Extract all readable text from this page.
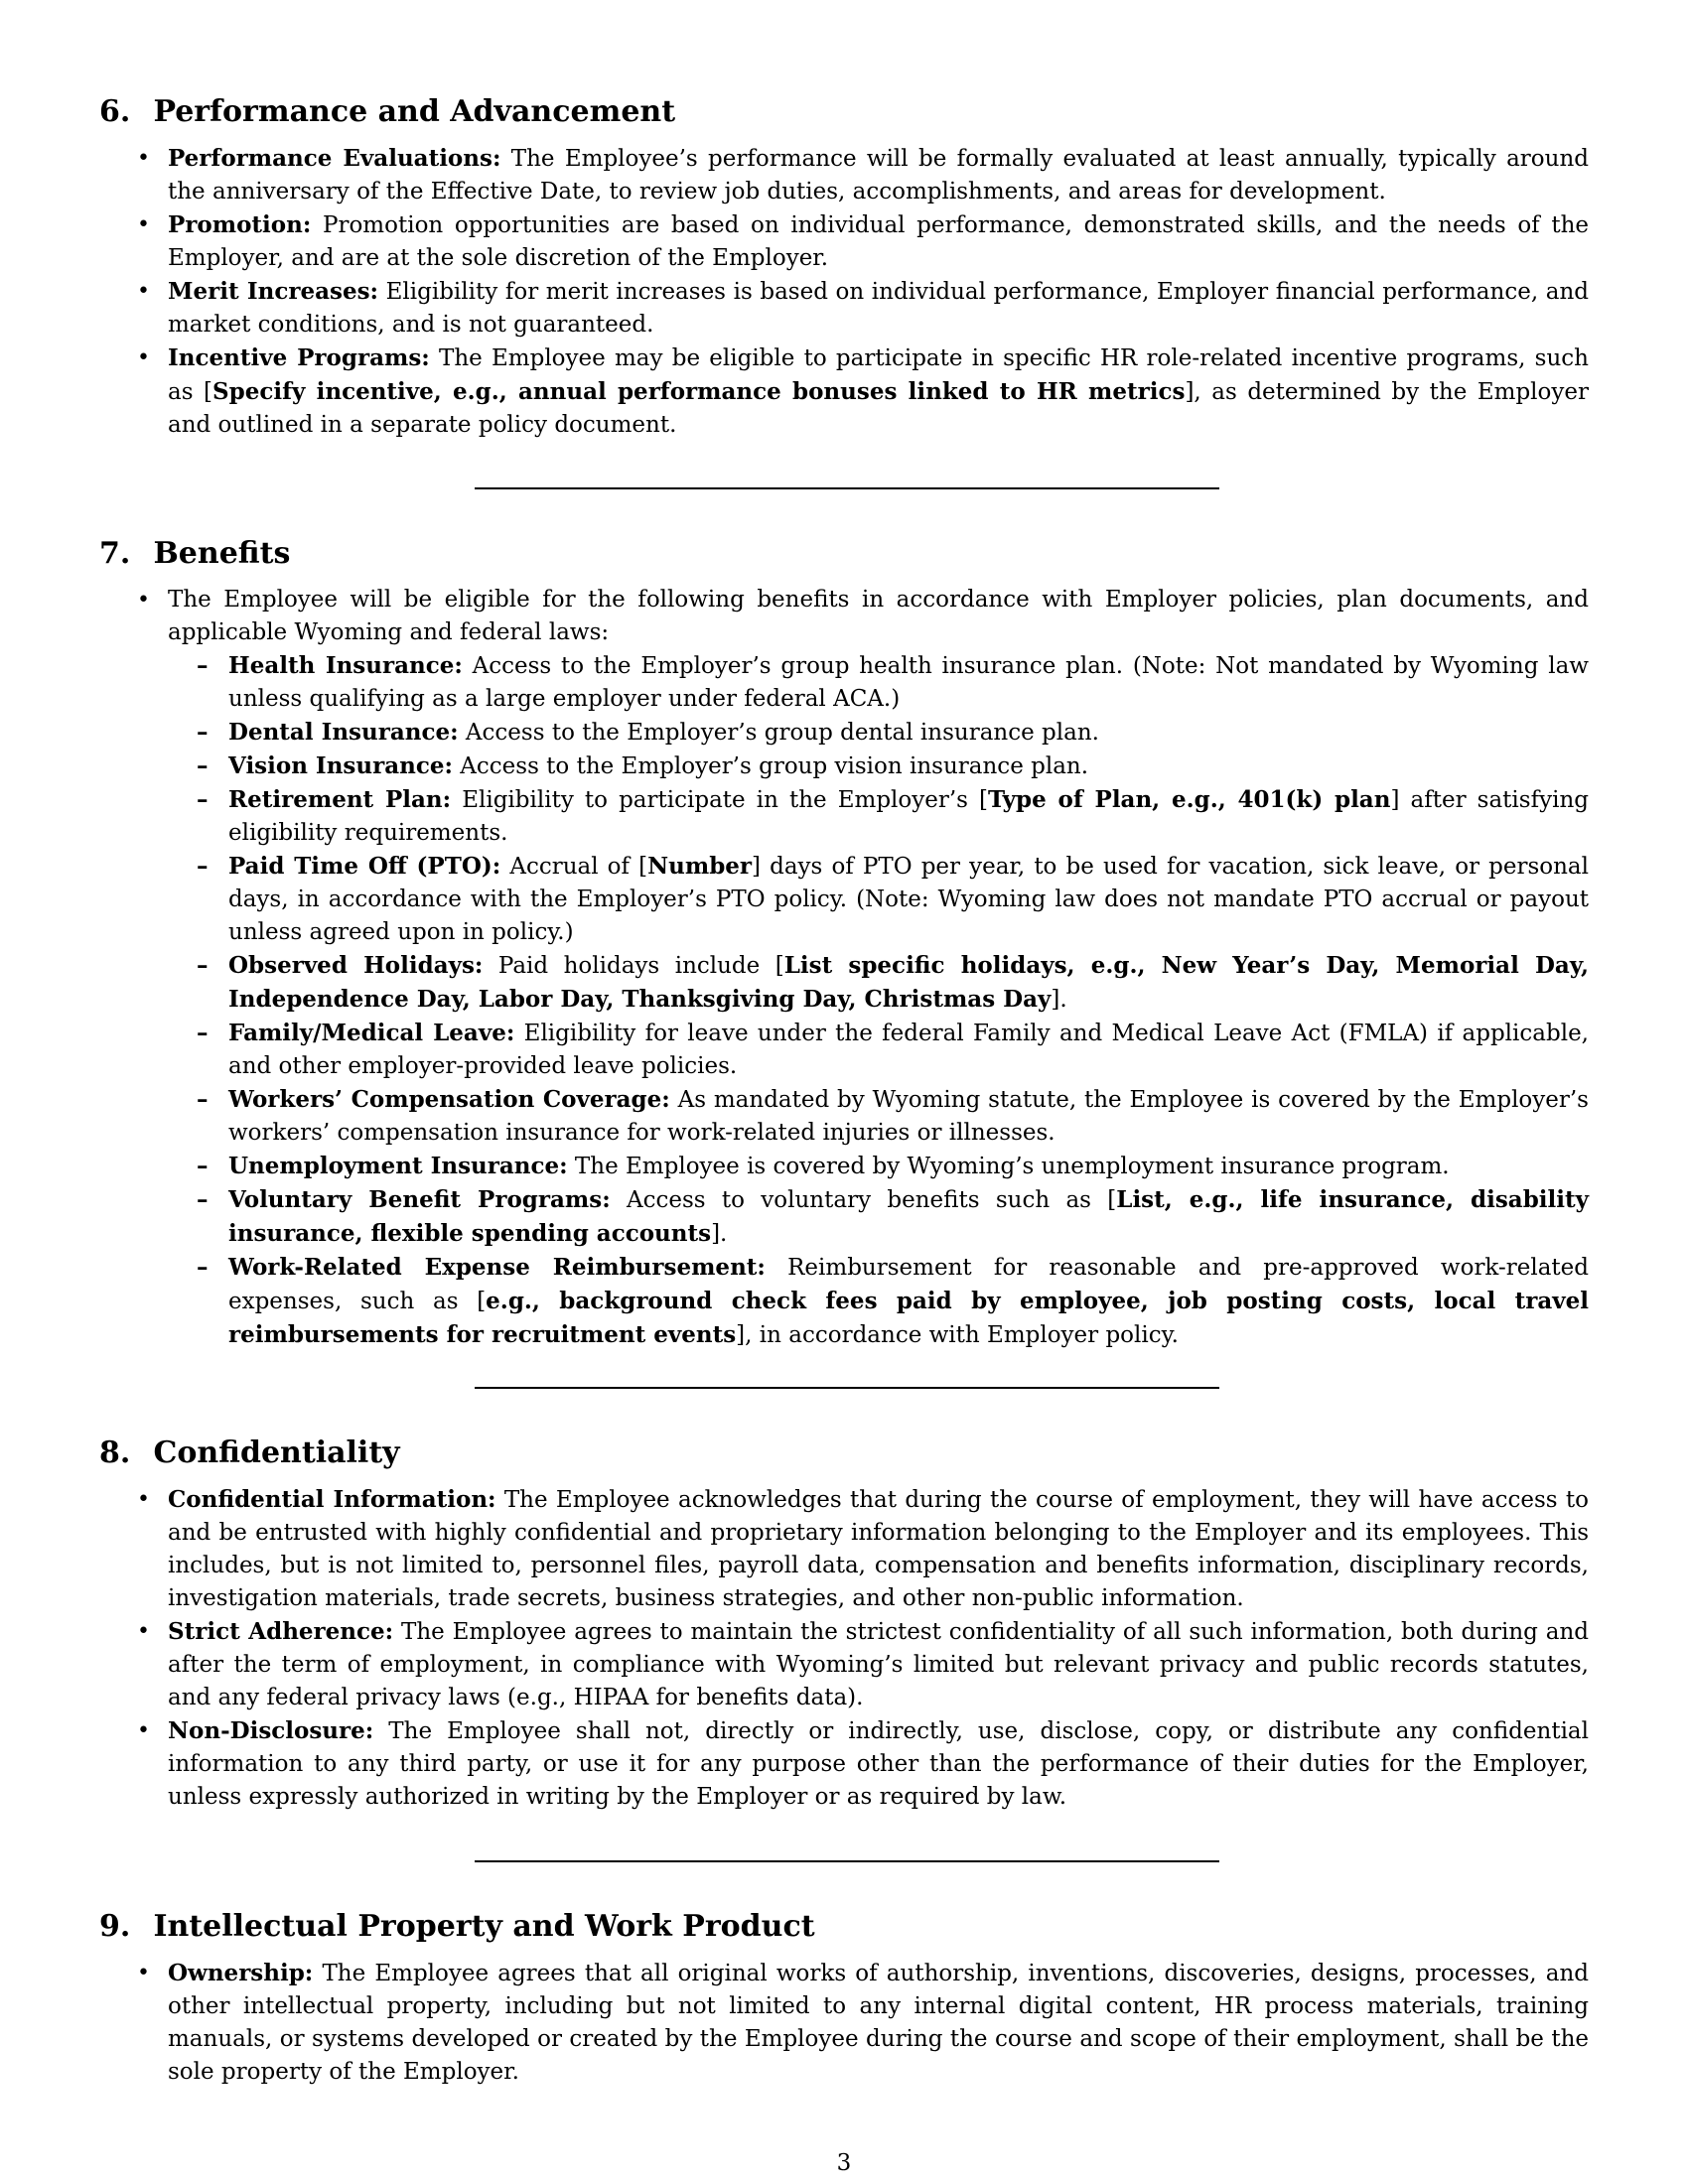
6. Performance and Advancement
• Performance Evaluations: The Employee’s performance will be formally evaluated at least annually, typically around the anniversary of the Effective Date, to review job duties, accomplishments, and areas for development.
• Promotion: Promotion opportunities are based on individual performance, demonstrated skills, and the needs of the Employer, and are at the sole discretion of the Employer.
• Merit Increases: Eligibility for merit increases is based on individual performance, Employer financial performance, and market conditions, and is not guaranteed.
• Incentive Programs: The Employee may be eligible to participate in specific HR role-related incentive programs, such as [Specify incentive, e.g., annual performance bonuses linked to HR metrics], as determined by the Employer and outlined in a separate policy document.
7. Benefits
• The Employee will be eligible for the following benefits in accordance with Employer policies, plan documents, and applicable Wyoming and federal laws:
– Health Insurance: Access to the Employer’s group health insurance plan. (Note: Not mandated by Wyoming law unless qualifying as a large employer under federal ACA.)
– Dental Insurance: Access to the Employer’s group dental insurance plan.
– Vision Insurance: Access to the Employer’s group vision insurance plan.
– Retirement Plan: Eligibility to participate in the Employer’s [Type of Plan, e.g., 401(k) plan] after satisfying eligibility requirements.
– Paid Time Off (PTO): Accrual of [Number] days of PTO per year, to be used for vacation, sick leave, or personal days, in accordance with the Employer’s PTO policy. (Note: Wyoming law does not mandate PTO accrual or payout unless agreed upon in policy.)
– Observed Holidays: Paid holidays include [List specific holidays, e.g., New Year’s Day, Memorial Day, Independence Day, Labor Day, Thanksgiving Day, Christmas Day].
– Family/Medical Leave: Eligibility for leave under the federal Family and Medical Leave Act (FMLA) if applicable, and other employer-provided leave policies.
– Workers’ Compensation Coverage: As mandated by Wyoming statute, the Employee is covered by the Employer’s workers’ compensation insurance for work-related injuries or illnesses.
– Unemployment Insurance: The Employee is covered by Wyoming’s unemployment insurance program.
– Voluntary Benefit Programs: Access to voluntary benefits such as [List, e.g., life insurance, disability insurance, flexible spending accounts].
– Work-Related Expense Reimbursement: Reimbursement for reasonable and pre-approved work-related expenses, such as [e.g., background check fees paid by employee, job posting costs, local travel reimbursements for recruitment events], in accordance with Employer policy.
8. Confidentiality
• Confidential Information: The Employee acknowledges that during the course of employment, they will have access to and be entrusted with highly confidential and proprietary information belonging to the Employer and its employees. This includes, but is not limited to, personnel files, payroll data, compensation and benefits information, disciplinary records, investigation materials, trade secrets, business strategies, and other non-public information.
• Strict Adherence: The Employee agrees to maintain the strictest confidentiality of all such information, both during and after the term of employment, in compliance with Wyoming’s limited but relevant privacy and public records statutes, and any federal privacy laws (e.g., HIPAA for benefits data).
• Non-Disclosure: The Employee shall not, directly or indirectly, use, disclose, copy, or distribute any confidential information to any third party, or use it for any purpose other than the performance of their duties for the Employer, unless expressly authorized in writing by the Employer or as required by law.
9. Intellectual Property and Work Product
• Ownership: The Employee agrees that all original works of authorship, inventions, discoveries, designs, processes, and other intellectual property, including but not limited to any internal digital content, HR process materials, training manuals, or systems developed or created by the Employee during the course and scope of their employment, shall be the sole property of the Employer.
3
